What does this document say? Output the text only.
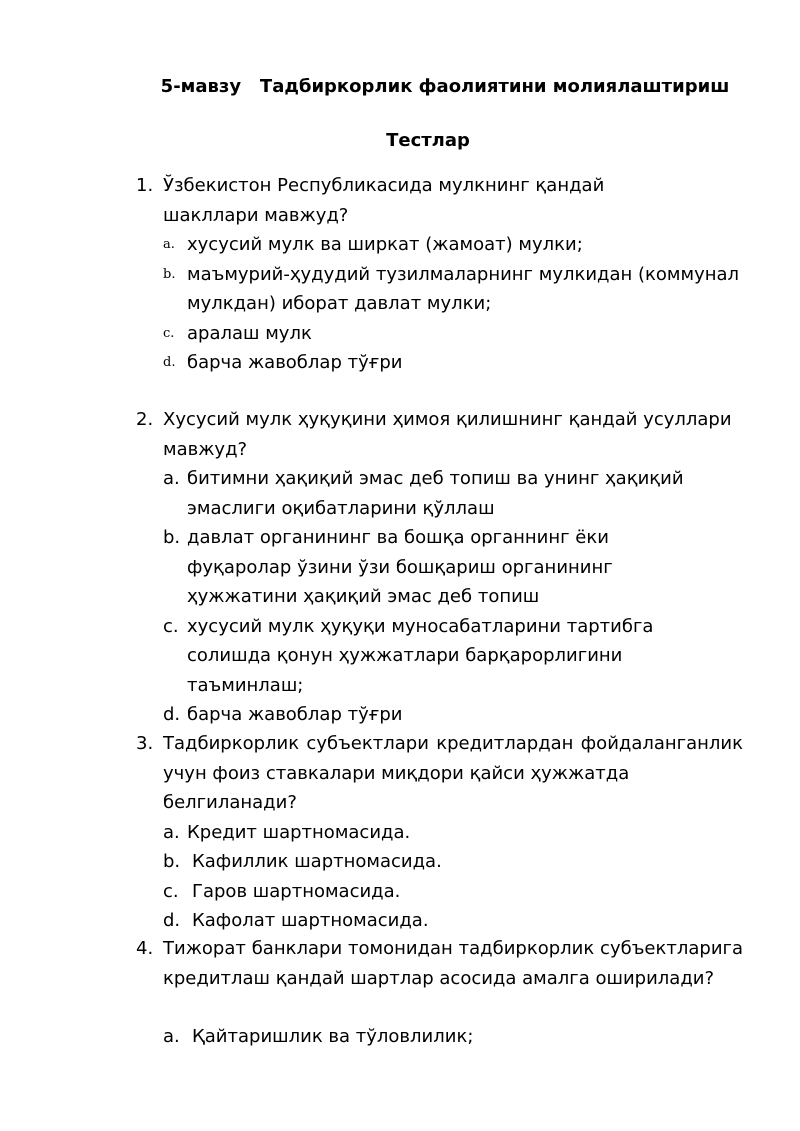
5-мавзу   Тадбиркорлик фаолиятини молиялаштириш
Тестлар
1. Ўзбекистон Республикасида мулкнинг қандай шакллари мавжуд?
a. хусусий мулк ва ширкат (жамоат) мулки;
b. маъмурий-ҳудудий тузилмаларнинг мулкидан (коммунал мулкдан) иборат давлат мулки;
c. аралаш мулк
d. барча жавоблар тўғри
2. Хусусий мулк ҳуқуқини ҳимоя қилишнинг қандай усуллари мавжуд?
a. битимни ҳақиқий эмас деб топиш ва унинг ҳақиқий эмаслиги оқибатларини қўллаш
b. давлат органининг ва бошқа органнинг ёки фуқаролар ўзини ўзи бошқариш органининг ҳужжатини ҳақиқий эмас деб топиш
c. хусусий мулк ҳуқуқи муносабатларини тартибга солишда қонун ҳужжатлари барқарорлигини таъминлаш;
d. барча жавоблар тўғри
3. Тадбиркорлик субъектлари кредитлардан фойдаланганлик
учун фоиз ставкалари миқдори қайси ҳужжатда белгиланади?
a. Кредит шартномасида.
b. Кафиллик шартномасида.
c. Гаров шартномасида.
d. Кафолат шартномасида.
4. Тижорат банклари томонидан тадбиркорлик субъектларига
кредитлаш қандай шартлар асосида амалга оширилади?
a. Қайтаришлик ва тўловлилик;
